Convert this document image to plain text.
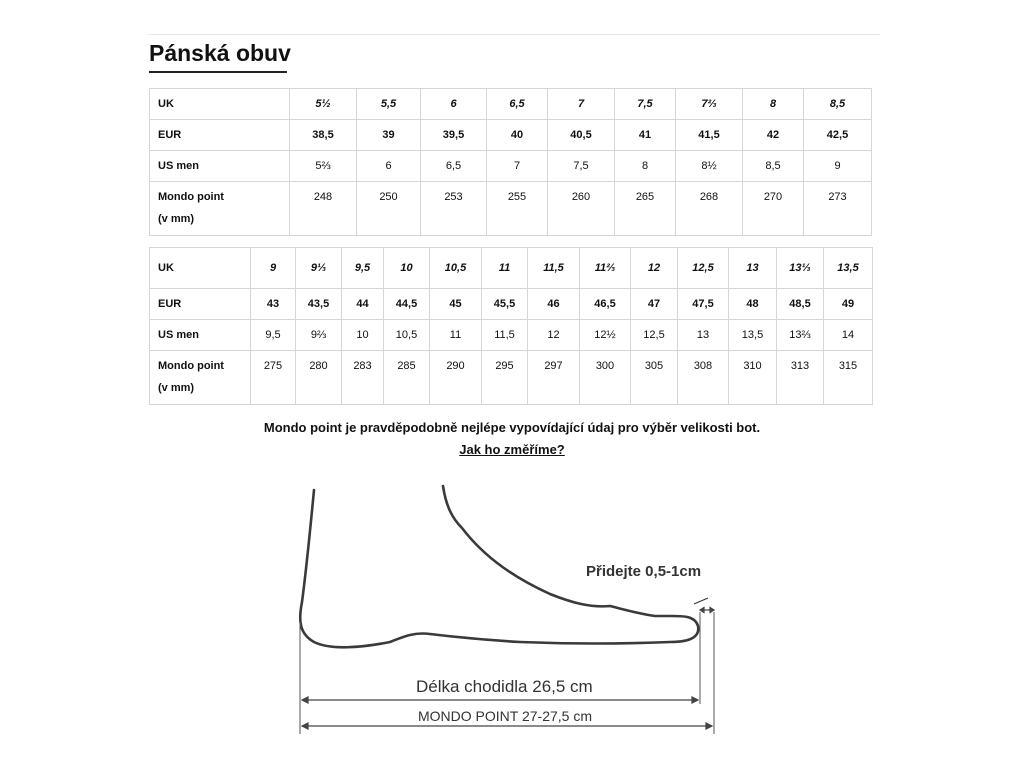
Pánská obuv
UK	5½	5,5	6	6,5	7	7,5	7⅔	8	8,5
EUR	38,5	39	39,5	40	40,5	41	41,5	42	42,5
US men	5⅔	6	6,5	7	7,5	8	8½	8,5	9
Mondo point
(v mm)	248	250	253	255	260	265	268	270	273
UK	9	9⅓	9,5	10	10,5	11	11,5	11⅔	12	12,5	13	13⅓	13,5
EUR	43	43,5	44	44,5	45	45,5	46	46,5	47	47,5	48	48,5	49
US men	9,5	9⅔	10	10,5	11	11,5	12	12½	12,5	13	13,5	13⅔	14
Mondo point
(v mm)	275	280	283	285	290	295	297	300	305	308	310	313	315
Mondo point je pravděpodobně nejlépe vypovídající údaj pro výběr velikosti bot.
Jak ho změříme?
Přidejte 0,5-1cm
Délka chodidla 26,5 cm
MONDO POINT 27-27,5 cm
